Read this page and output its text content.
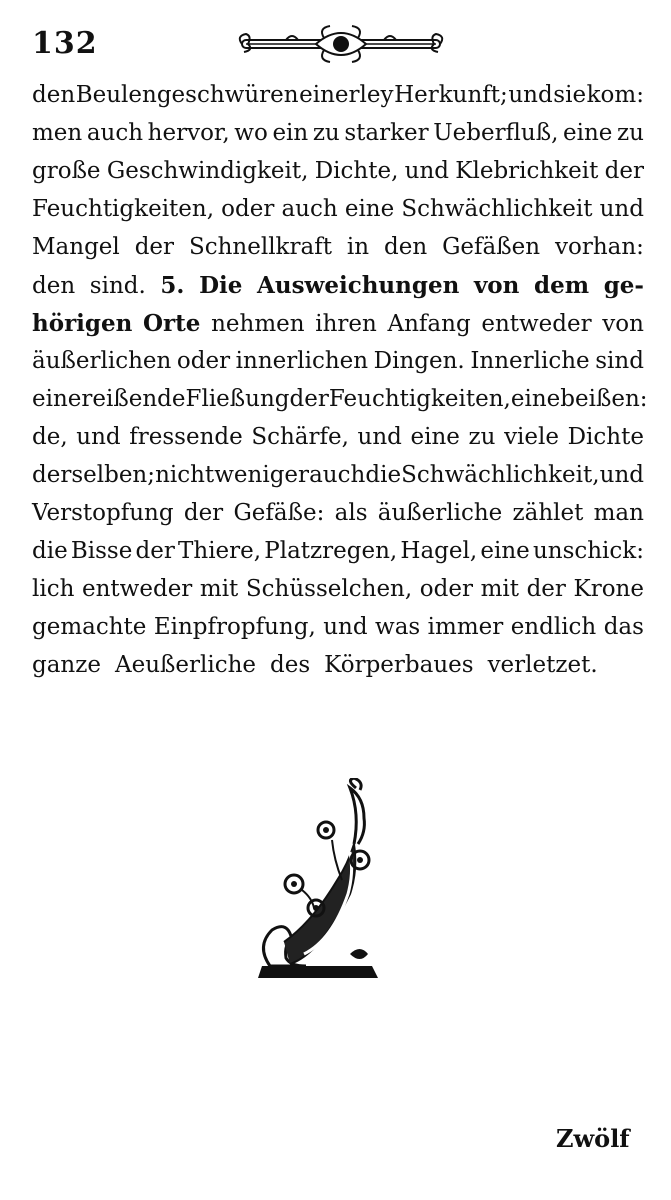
132
den Beulengeschwüren einerley Herkunft; und sie kom:
men auch hervor, wo ein zu starker Ueberfluß, eine zu
große Geschwindigkeit, Dichte, und Klebrichkeit der
Feuchtigkeiten, oder auch eine Schwächlichkeit und
Mangel der Schnellkraft in den Gefäßen vorhan:
den sind. 5. Die Ausweichungen von dem ge-
hörigen Orte nehmen ihren Anfang entweder von
äußerlichen oder innerlichen Dingen. Innerliche sind
eine reißende Fließung der Feuchtigkeiten, eine beißen:
de, und fressende Schärfe, und eine zu viele Dichte
derselben; nicht weniger auch die Schwächlichkeit, und
Verstopfung der Gefäße: als äußerliche zählet man
die Bisse der Thiere, Platzregen, Hagel, eine unschick:
lich entweder mit Schüsselchen, oder mit der Krone
gemachte Einpfropfung, und was immer endlich das
ganze Aeußerliche des Körperbaues verletzet.
Zwölf
